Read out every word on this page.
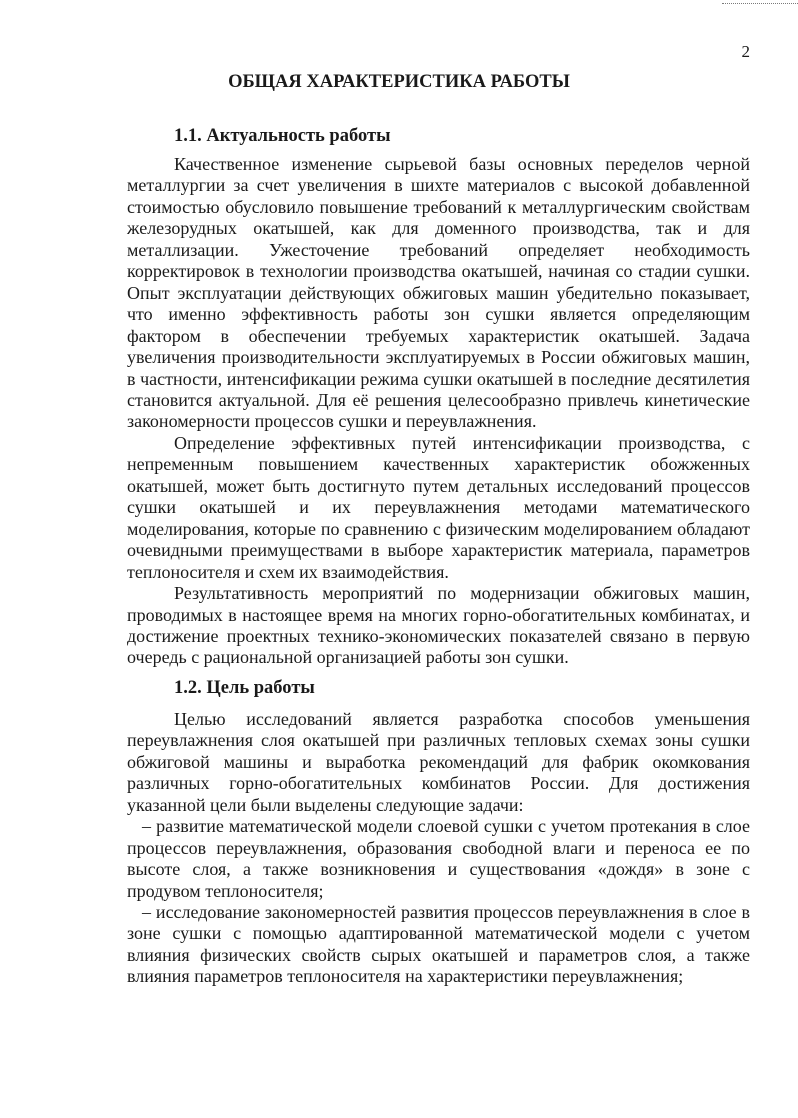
2
ОБЩАЯ ХАРАКТЕРИСТИКА РАБОТЫ
1.1. Актуальность работы

Качественное изменение сырьевой базы основных переделов черной металлургии за счет увеличения в шихте материалов с высокой добавленной стоимостью обусловило повышение требований к металлургическим свойствам железорудных окатышей, как для доменного производства, так и для металлизации. Ужесточение требований определяет необходимость корректировок в технологии производства окатышей, начиная со стадии сушки. Опыт эксплуатации действующих обжиговых машин убедительно показывает, что именно эффективность работы зон сушки является определяющим фактором в обеспечении требуемых характеристик окатышей. Задача увеличения производительности эксплуатируемых в России обжиговых машин, в частности, интенсификации режима сушки окатышей в последние десятилетия становится актуальной. Для её решения целесообразно привлечь кинетические закономерности процессов сушки и переувлажнения.

Определение эффективных путей интенсификации производства, с непременным повышением качественных характеристик обожженных окатышей, может быть достигнуто путем детальных исследований процессов сушки окатышей и их переувлажнения методами математического моделирования, которые по сравнению с физическим моделированием обладают очевидными преимуществами в выборе характеристик материала, параметров теплоносителя и схем их взаимодействия.

Результативность мероприятий по модернизации обжиговых машин, проводимых в настоящее время на многих горно-обогатительных комбинатах, и достижение проектных технико-экономических показателей связано в первую очередь с рациональной организацией работы зон сушки.

1.2. Цель работы

Целью исследований является разработка способов уменьшения переувлажнения слоя окатышей при различных тепловых схемах зоны сушки обжиговой машины и выработка рекомендаций для фабрик окомкования различных горно-обогатительных комбинатов России. Для достижения указанной цели были выделены следующие задачи:

– развитие математической модели слоевой сушки с учетом протекания в слое процессов переувлажнения, образования свободной влаги и переноса ее по высоте слоя, а также возникновения и существования «дождя» в зоне с продувом теплоносителя;

– исследование закономерностей развития процессов переувлажнения в слое в зоне сушки с помощью адаптированной математической модели с учетом влияния физических свойств сырых окатышей и параметров слоя, а также влияния параметров теплоносителя на характеристики переувлажнения;
